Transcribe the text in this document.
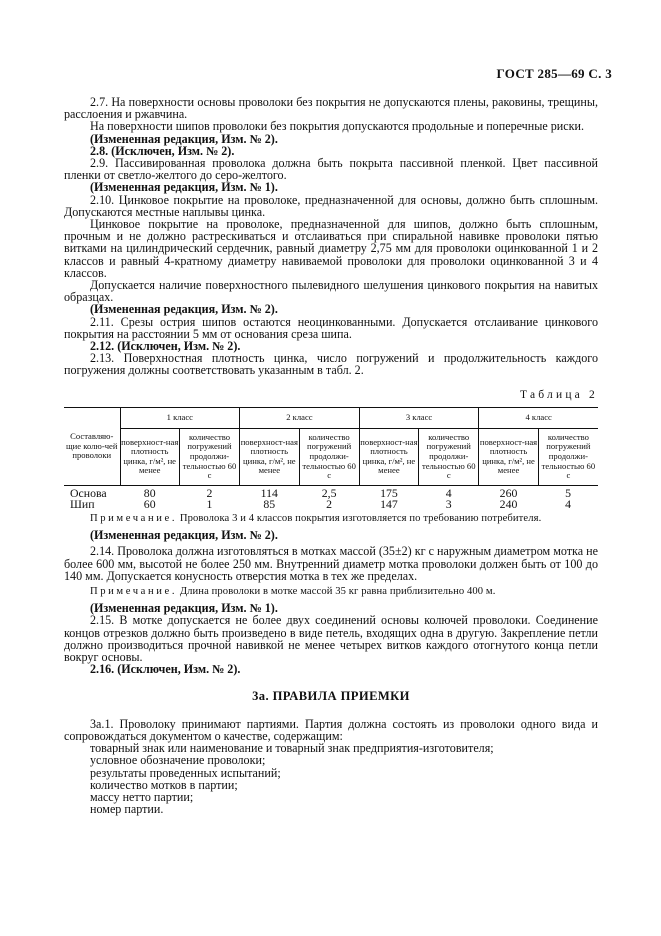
ГОСТ 285—69 С. 3

2.7. На поверхности основы проволоки без покрытия не допускаются плены, раковины, трещины, расслоения и ржавчина.

На поверхности шипов проволоки без покрытия допускаются продольные и поперечные риски.

(Измененная редакция, Изм. № 2).

2.8. (Исключен, Изм. № 2).

2.9. Пассивированная проволока должна быть покрыта пассивной пленкой. Цвет пассивной пленки от светло-желтого до серо-желтого.

(Измененная редакция, Изм. № 1).

2.10. Цинковое покрытие на проволоке, предназначенной для основы, должно быть сплошным. Допускаются местные наплывы цинка.

Цинковое покрытие на проволоке, предназначенной для шипов, должно быть сплошным, прочным и не должно растрескиваться и отслаиваться при спиральной навивке проволоки пятью витками на цилиндрический сердечник, равный диаметру 2,75 мм для проволоки оцинкованной 1 и 2 классов и равный 4-кратному диаметру навиваемой проволоки для проволоки оцинкованной 3 и 4 классов.

Допускается наличие поверхностного пылевидного шелушения цинкового покрытия на навитых образцах.

(Измененная редакция, Изм. № 2).

2.11. Срезы острия шипов остаются неоцинкованными. Допускается отслаивание цинкового покрытия на расстоянии 5 мм от основания среза шипа.

2.12. (Исключен, Изм. № 2).

2.13. Поверхностная плотность цинка, число погружений и продолжительность каждого погружения должны соответствовать указанным в табл. 2.

Таблица 2
Составляю-щие колю-чей проволоки	1 класс		2 класс		3 класс		4 класс	
	поверхност-ная плотность цинка, г/м², не менее	количество погружений продолжи-тельностью 60 с	поверхност-ная плотность цинка, г/м², не менее	количество погружений продолжи-тельностью 60 с	поверхност-ная плотность цинка, г/м², не менее	количество погружений продолжи-тельностью 60 с	поверхност-ная плотность цинка, г/м², не менее	количество погружений продолжи-тельностью 60 с
Основа	80	2	114	2,5	175	4	260	5
Шип	60	1	85	2	147	3	240	4

Примечание. Проволока 3 и 4 классов покрытия изготовляется по требованию потребителя.

(Измененная редакция, Изм. № 2).

2.14. Проволока должна изготовляться в мотках массой (35±2) кг с наружным диаметром мотка не более 600 мм, высотой не более 250 мм. Внутренний диаметр мотка проволоки должен быть от 100 до 140 мм. Допускается конусность отверстия мотка в тех же пределах.

Примечание. Длина проволоки в мотке массой 35 кг равна приблизительно 400 м.

(Измененная редакция, Изм. № 1).

2.15. В мотке допускается не более двух соединений основы колючей проволоки. Соединение концов отрезков должно быть произведено в виде петель, входящих одна в другую. Закрепление петли должно производиться прочной навивкой не менее четырех витков каждого отогнутого конца петли вокруг основы.

2.16. (Исключен, Изм. № 2).

3а. ПРАВИЛА ПРИЕМКИ

3а.1. Проволоку принимают партиями. Партия должна состоять из проволоки одного вида и сопровождаться документом о качестве, содержащим:

товарный знак или наименование и товарный знак предприятия-изготовителя;

условное обозначение проволоки;

результаты проведенных испытаний;

количество мотков в партии;

массу нетто партии;

номер партии.
